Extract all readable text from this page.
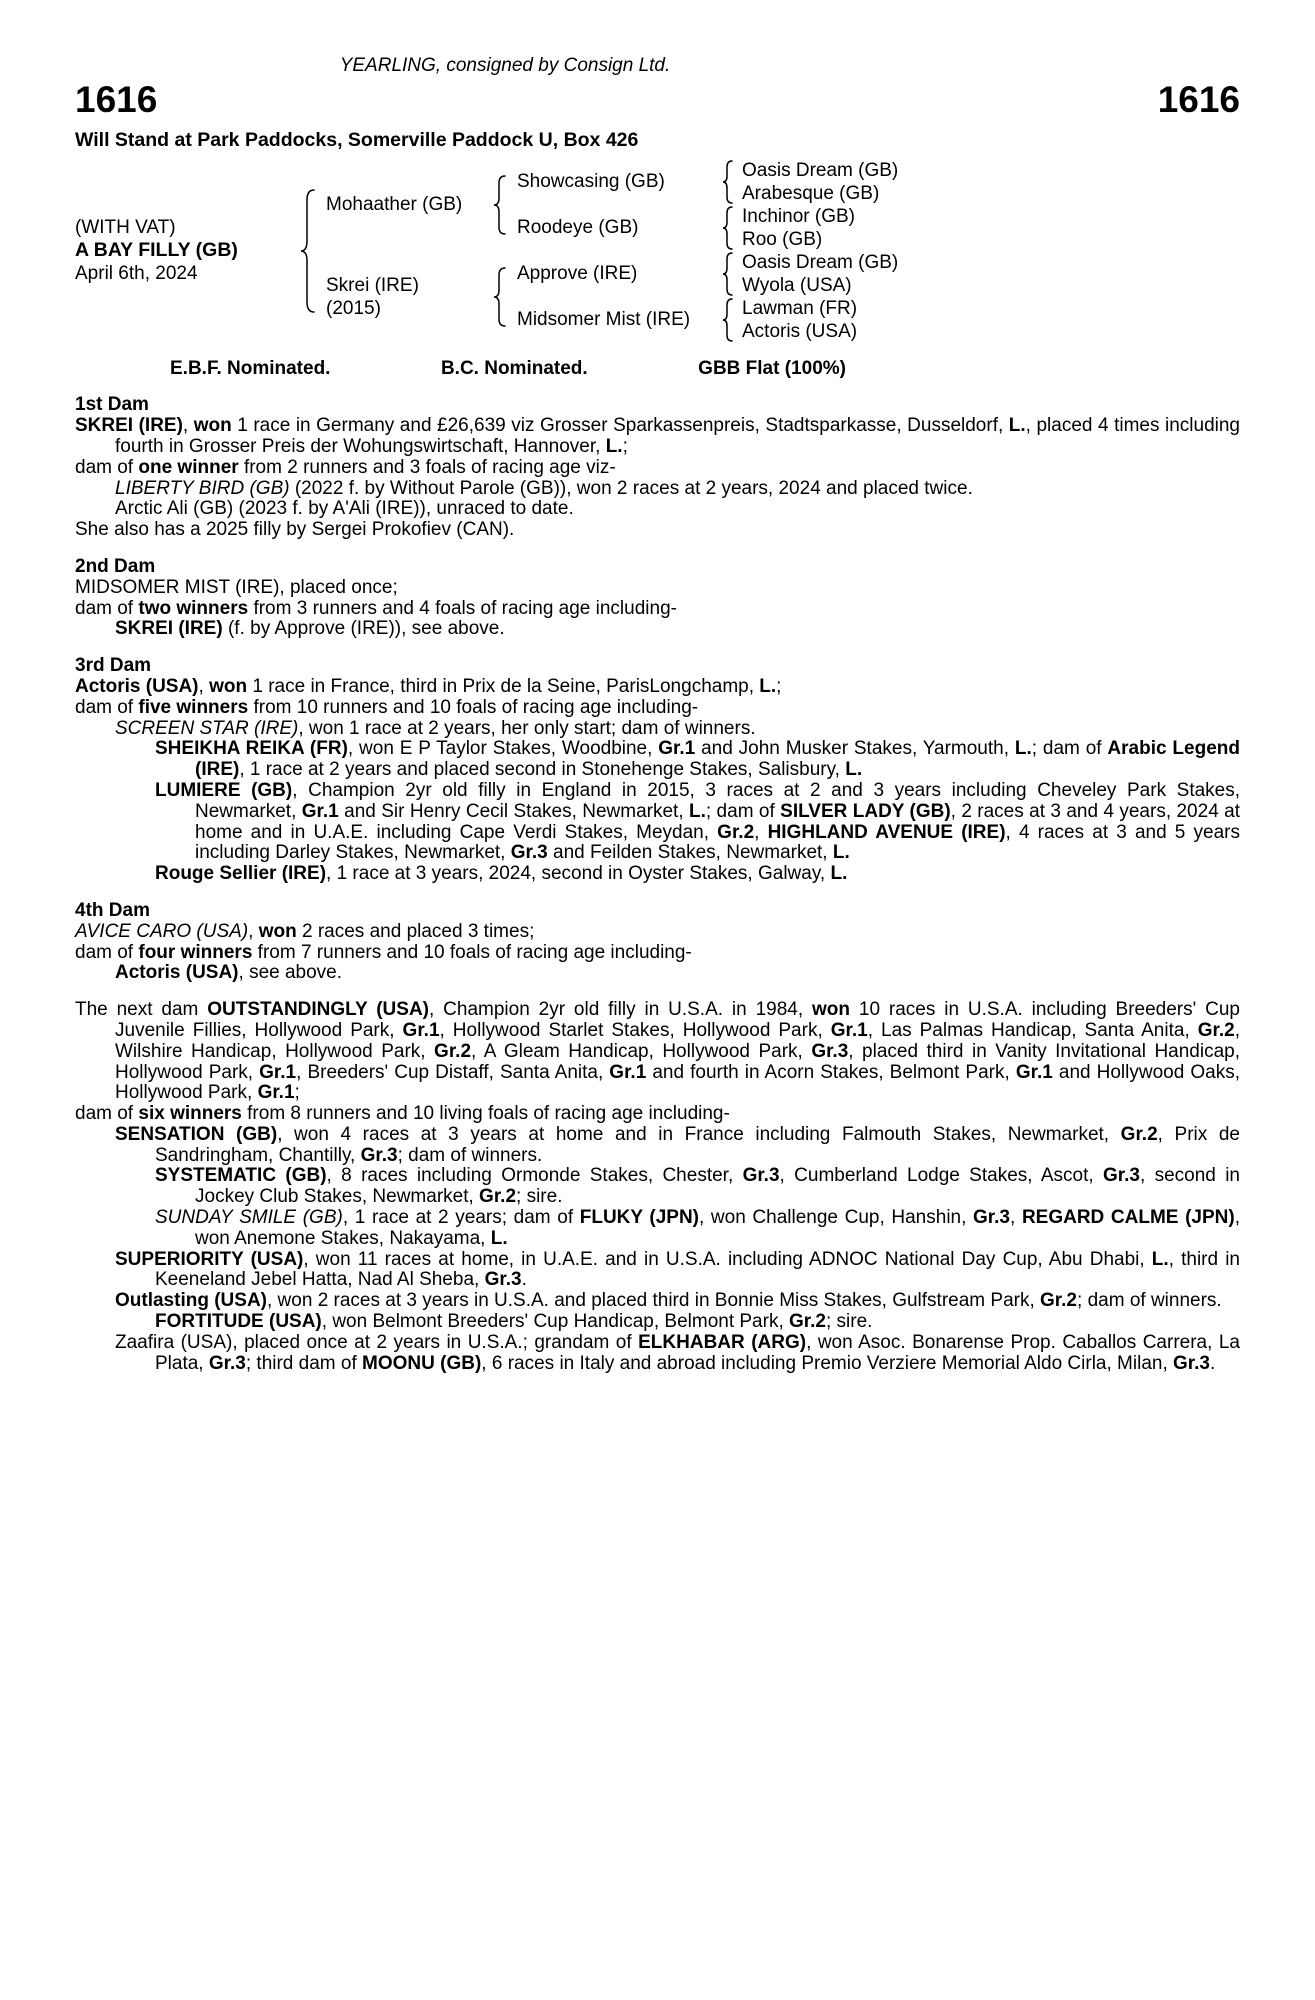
YEARLING, consigned by Consign Ltd.
1616	1616
Will Stand at Park Paddocks, Somerville Paddock U, Box 426
(WITH VAT)
A BAY FILLY (GB)
April 6th, 2024
Mohaather (GB)
Showcasing (GB)
Oasis Dream (GB)
Arabesque (GB)
Roodeye (GB)
Inchinor (GB)
Roo (GB)
Skrei (IRE)
(2015)
Approve (IRE)
Oasis Dream (GB)
Wyola (USA)
Midsomer Mist (IRE)
Lawman (FR)
Actoris (USA)
E.B.F. Nominated.	B.C. Nominated.	GBB Flat (100%)
1st Dam
SKREI (IRE), won 1 race in Germany and £26,639 viz Grosser Sparkassenpreis, Stadtsparkasse, Dusseldorf, L., placed 4 times including fourth in Grosser Preis der Wohungswirtschaft, Hannover, L.;
dam of one winner from 2 runners and 3 foals of racing age viz-
LIBERTY BIRD (GB) (2022 f. by Without Parole (GB)), won 2 races at 2 years, 2024 and placed twice.
Arctic Ali (GB) (2023 f. by A'Ali (IRE)), unraced to date.
She also has a 2025 filly by Sergei Prokofiev (CAN).
2nd Dam
MIDSOMER MIST (IRE), placed once;
dam of two winners from 3 runners and 4 foals of racing age including-
SKREI (IRE) (f. by Approve (IRE)), see above.
3rd Dam
Actoris (USA), won 1 race in France, third in Prix de la Seine, ParisLongchamp, L.;
dam of five winners from 10 runners and 10 foals of racing age including-
SCREEN STAR (IRE), won 1 race at 2 years, her only start; dam of winners.
SHEIKHA REIKA (FR), won E P Taylor Stakes, Woodbine, Gr.1 and John Musker Stakes, Yarmouth, L.; dam of Arabic Legend (IRE), 1 race at 2 years and placed second in Stonehenge Stakes, Salisbury, L.
LUMIERE (GB), Champion 2yr old filly in England in 2015, 3 races at 2 and 3 years including Cheveley Park Stakes, Newmarket, Gr.1 and Sir Henry Cecil Stakes, Newmarket, L.; dam of SILVER LADY (GB), 2 races at 3 and 4 years, 2024 at home and in U.A.E. including Cape Verdi Stakes, Meydan, Gr.2, HIGHLAND AVENUE (IRE), 4 races at 3 and 5 years including Darley Stakes, Newmarket, Gr.3 and Feilden Stakes, Newmarket, L.
Rouge Sellier (IRE), 1 race at 3 years, 2024, second in Oyster Stakes, Galway, L.
4th Dam
AVICE CARO (USA), won 2 races and placed 3 times;
dam of four winners from 7 runners and 10 foals of racing age including-
Actoris (USA), see above.
The next dam OUTSTANDINGLY (USA), Champion 2yr old filly in U.S.A. in 1984, won 10 races in U.S.A. including Breeders' Cup Juvenile Fillies, Hollywood Park, Gr.1, Hollywood Starlet Stakes, Hollywood Park, Gr.1, Las Palmas Handicap, Santa Anita, Gr.2, Wilshire Handicap, Hollywood Park, Gr.2, A Gleam Handicap, Hollywood Park, Gr.3, placed third in Vanity Invitational Handicap, Hollywood Park, Gr.1, Breeders' Cup Distaff, Santa Anita, Gr.1 and fourth in Acorn Stakes, Belmont Park, Gr.1 and Hollywood Oaks, Hollywood Park, Gr.1;
dam of six winners from 8 runners and 10 living foals of racing age including-
SENSATION (GB), won 4 races at 3 years at home and in France including Falmouth Stakes, Newmarket, Gr.2, Prix de Sandringham, Chantilly, Gr.3; dam of winners.
SYSTEMATIC (GB), 8 races including Ormonde Stakes, Chester, Gr.3, Cumberland Lodge Stakes, Ascot, Gr.3, second in Jockey Club Stakes, Newmarket, Gr.2; sire.
SUNDAY SMILE (GB), 1 race at 2 years; dam of FLUKY (JPN), won Challenge Cup, Hanshin, Gr.3, REGARD CALME (JPN), won Anemone Stakes, Nakayama, L.
SUPERIORITY (USA), won 11 races at home, in U.A.E. and in U.S.A. including ADNOC National Day Cup, Abu Dhabi, L., third in Keeneland Jebel Hatta, Nad Al Sheba, Gr.3.
Outlasting (USA), won 2 races at 3 years in U.S.A. and placed third in Bonnie Miss Stakes, Gulfstream Park, Gr.2; dam of winners.
FORTITUDE (USA), won Belmont Breeders' Cup Handicap, Belmont Park, Gr.2; sire.
Zaafira (USA), placed once at 2 years in U.S.A.; grandam of ELKHABAR (ARG), won Asoc. Bonarense Prop. Caballos Carrera, La Plata, Gr.3; third dam of MOONU (GB), 6 races in Italy and abroad including Premio Verziere Memorial Aldo Cirla, Milan, Gr.3.
